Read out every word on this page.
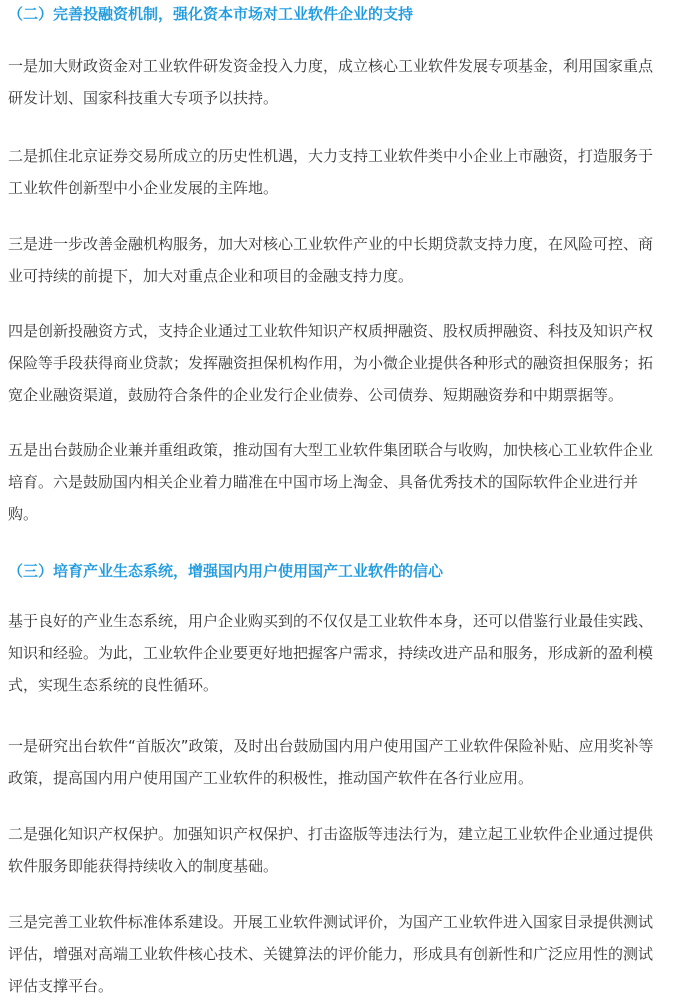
（二）完善投融资机制，强化资本市场对工业软件企业的支持

一是加大财政资金对工业软件研发资金投入力度，成立核心工业软件发展专项基金，利用国家重点
研发计划、国家科技重大专项予以扶持。

二是抓住北京证券交易所成立的历史性机遇，大力支持工业软件类中小企业上市融资，打造服务于
工业软件创新型中小企业发展的主阵地。

三是进一步改善金融机构服务，加大对核心工业软件产业的中长期贷款支持力度，在风险可控、商
业可持续的前提下，加大对重点企业和项目的金融支持力度。

四是创新投融资方式，支持企业通过工业软件知识产权质押融资、股权质押融资、科技及知识产权
保险等手段获得商业贷款；发挥融资担保机构作用，为小微企业提供各种形式的融资担保服务；拓
宽企业融资渠道，鼓励符合条件的企业发行企业债券、公司债券、短期融资券和中期票据等。

五是出台鼓励企业兼并重组政策，推动国有大型工业软件集团联合与收购，加快核心工业软件企业
培育。六是鼓励国内相关企业着力瞄准在中国市场上淘金、具备优秀技术的国际软件企业进行并
购。

（三）培育产业生态系统，增强国内用户使用国产工业软件的信心

基于良好的产业生态系统，用户企业购买到的不仅仅是工业软件本身，还可以借鉴行业最佳实践、
知识和经验。为此，工业软件企业要更好地把握客户需求，持续改进产品和服务，形成新的盈利模
式，实现生态系统的良性循环。

一是研究出台软件“首版次”政策，及时出台鼓励国内用户使用国产工业软件保险补贴、应用奖补等
政策，提高国内用户使用国产工业软件的积极性，推动国产软件在各行业应用。

二是强化知识产权保护。加强知识产权保护、打击盗版等违法行为，建立起工业软件企业通过提供
软件服务即能获得持续收入的制度基础。

三是完善工业软件标准体系建设。开展工业软件测试评价，为国产工业软件进入国家目录提供测试
评估，增强对高端工业软件核心技术、关键算法的评价能力，形成具有创新性和广泛应用性的测试
评估支撑平台。
